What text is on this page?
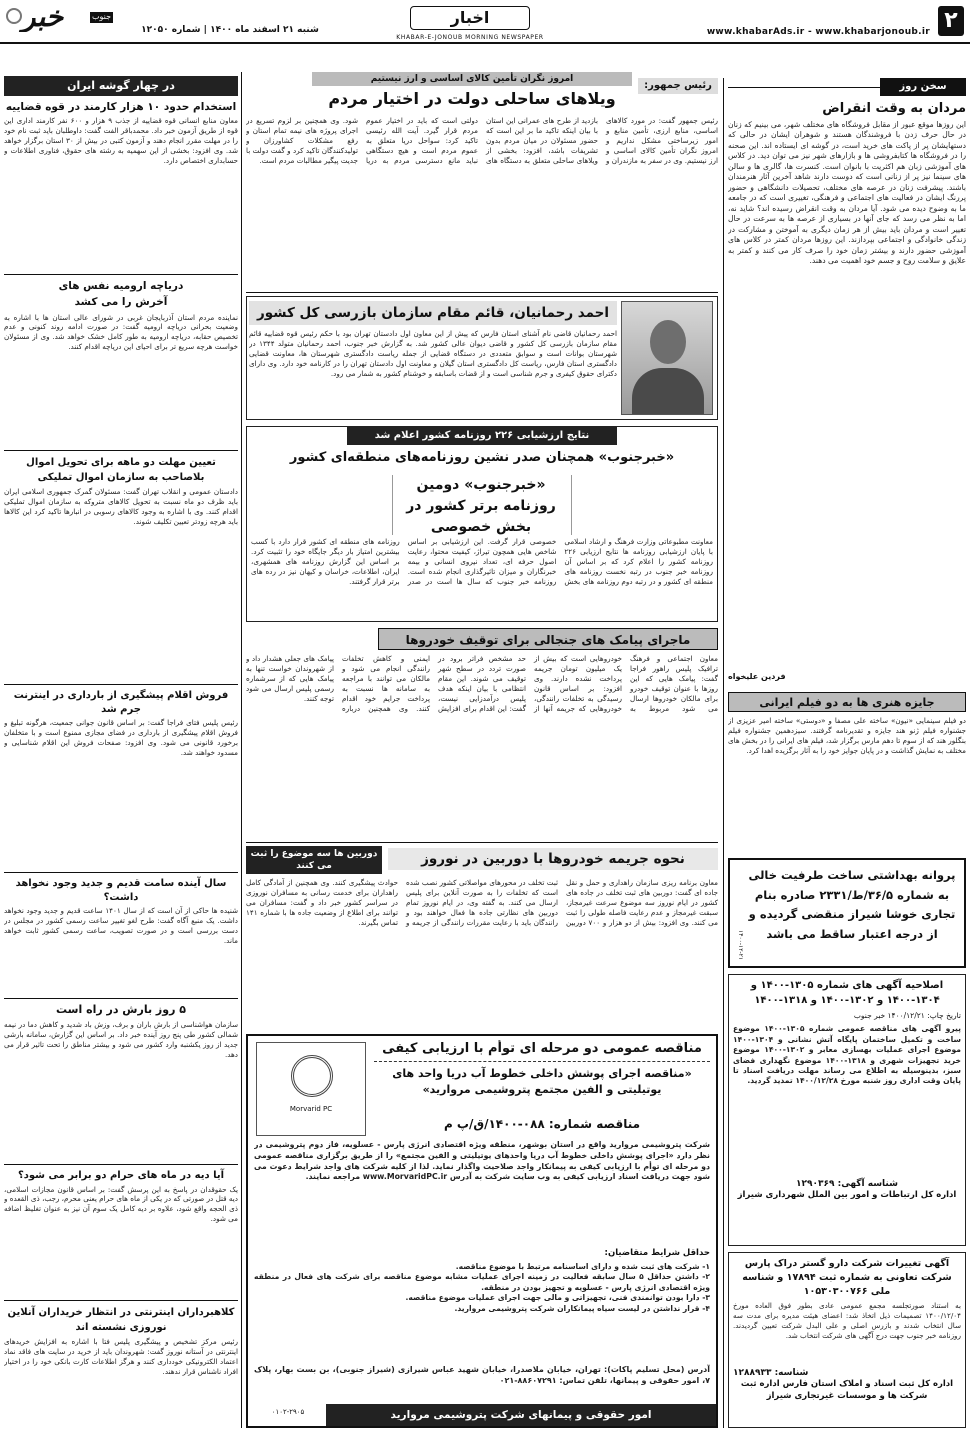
۲
www.khabarAds.ir - www.khabarjonoub.ir
اخبار
KHABAR-E-JONOUB MORNING NEWSPAPER
خبر	جنوب
شنبه ۲۱ اسفند ماه ۱۴۰۰ | شماره ۱۲۰۵۰
سخن روز
مردان به وقت انقراض
این روزها موقع عبور از مقابل فروشگاه های مختلف شهر، می بینیم که زنان در حال حرف زدن با فروشندگان هستند و شوهران ایشان در حالی که دستهایشان پر از پاکت های خرید است، در گوشه ای ایستاده اند. این صحنه را در فروشگاه ها کتابفروشی ها و بازارهای شهر نیز می توان دید. در کلاس های آموزشی زبان هم اکثریت با بانوان است. کنسرت ها، گالری ها و سالن های سینما نیز پر از زنانی است که دوست دارند شاهد آخرین آثار هنرمندان باشند. پیشرفت زنان در عرصه های مختلف، تحصیلات دانشگاهی و حضور پررنگ ایشان در فعالیت های اجتماعی و فرهنگی، تغییری است که در جامعه ما به وضوح دیده می شود. آیا مردان به وقت انقراض رسیده اند؟ شاید نه، اما به نظر می رسد که جای آنها در بسیاری از عرصه ها به سرعت در حال تغییر است و مردان باید بیش از هر زمان دیگری به آموختن و مشارکت در زندگی خانوادگی و اجتماعی بپردازند. این روزها مردان کمتر در کلاس های آموزشی حضور دارند و بیشتر زمان خود را صرف کار می کنند و کمتر به علایق و سلامت روح و جسم خود اهمیت می دهند.
فردین علیخواه
جایزه هنری ها به دو فیلم ایرانی
دو فیلم سینمایی «نیون» ساخته علی مصفا و «دوستی» ساخته امیر عزیزی از جشنواره فیلم ژنو هند جایزه و تقدیرنامه گرفتند. سیزدهمین جشنواره فیلم بنگلور هند که از سوم تا دهم مارس برگزار شد، فیلم های ایرانی را در بخش های مختلف به نمایش گذاشت و در پایان جوایز خود را به آثار برگزیده اهدا کرد.
پروانه بهداشتی ساخت طرفیت خالی به شماره ۳۶/۵/ط/۲۳۳۱ صادره بنام تجاری خوشا شیراز منقضی گردیده و از درجه اعتبار ساقط می باشد
۱۴۰۰-۱۲-۲۱
اصلاحیه آگهی های شماره ۱۳۰۵-۱۴۰۰ و ۱۳۰۴-۱۴۰۰ و ۱۳۰۲-۱۴۰۰ و ۱۳۱۸-۱۴۰۰
تاریخ چاپ: ۱۴۰۰/۱۲/۲۱ خبر جنوب
پیرو آگهی های مناقصه عمومی شماره ۱۳۰۵-۱۴۰۰ موضوع ساخت و تکمیل ساختمان پایگاه آتش نشانی و ۱۳۰۴-۱۴۰۰ موضوع اجرای عملیات بهسازی معابر و ۱۳۰۲-۱۴۰۰ موضوع خرید تجهیزات شهری و ۱۳۱۸-۱۴۰۰ موضوع نگهداری فضای سبز، بدینوسیله به اطلاع می رساند مهلت دریافت اسناد تا پایان وقت اداری روز شنبه مورخ ۱۴۰۰/۱۲/۲۸ تمدید گردید.
شناسه آگهی: ۱۲۹۰۳۶۹
اداره کل ارتباطات و امور بین الملل شهرداری شیراز
آگهی تغییرات شرکت دارو گستر دراک پارس شرکت تعاونی به شماره ثبت ۱۷۸۹۴ و شناسه ملی ۱۰۵۳۰۳۰۰۷۶۶
به استناد صورتجلسه مجمع عمومی عادی بطور فوق العاده مورخ ۱۴۰۰/۱۲/۰۴ تصمیمات ذیل اتخاذ شد: اعضای هیئت مدیره برای مدت سه سال انتخاب شدند و بازرس اصلی و علی البدل شرکت تعیین گردیدند. روزنامه خبر جنوب جهت درج آگهی های شرکت انتخاب شد.
شناسه: ۱۲۸۸۹۳۳
اداره کل ثبت اسناد و املاک استان فارس اداره ثبت شرکت ها و موسسات غیرتجاری شیراز
رئیس جمهور:
امروز نگران تأمین کالای اساسی و ارز نیستیم
ویلاهای ساحلی دولت در اختیار مردم
رئیس جمهور گفت: در مورد کالاهای اساسی، منابع ارزی، تأمین منابع و امور زیرساختی مشکل نداریم و امروز نگران تأمین کالای اساسی و ارز نیستیم. وی در سفر به مازندران و بازدید از طرح های عمرانی این استان با بیان اینکه تاکید ما بر این است که حضور مسئولان در میان مردم بدون تشریفات باشد، افزود: بخشی از ویلاهای ساحلی متعلق به دستگاه های دولتی است که باید در اختیار عموم مردم قرار گیرد. آیت الله رئیسی تاکید کرد: سواحل دریا متعلق به عموم مردم است و هیچ دستگاهی نباید مانع دسترسی مردم به دریا شود. وی همچنین بر لزوم تسریع در اجرای پروژه های نیمه تمام استان و رفع مشکلات کشاورزان و تولیدکنندگان تاکید کرد و گفت دولت با جدیت پیگیر مطالبات مردم است.
احمد رحمانیان، قائم مقام سازمان بازرسی کل کشور
احمد رحمانیان قاضی نام آشنای استان فارس که پیش از این معاون اول دادستان تهران بود با حکم رئیس قوه قضاییه قائم مقام سازمان بازرسی کل کشور و قاضی دیوان عالی کشور شد. به گزارش خبر جنوب، احمد رحمانیان متولد ۱۳۴۴ در شهرستان بوانات است و سوابق متعددی در دستگاه قضایی از جمله ریاست دادگستری شهرستان ها، معاونت قضایی دادگستری استان فارس، ریاست کل دادگستری استان گیلان و معاونت اول دادستان تهران را در کارنامه خود دارد. وی دارای دکترای حقوق کیفری و جرم شناسی است و از قضات باسابقه و خوشنام کشور به شمار می رود.
نتایج ارزشیابی ۲۲۶ روزنامه کشور اعلام شد
«خبرجنوب» همچنان صدر نشین روزنامه‌های منطقه‌ای کشور
«خبرجنوب» دومین روزنامه برتر کشور در بخش خصوصی
معاونت مطبوعاتی وزارت فرهنگ و ارشاد اسلامی با پایان ارزشیابی روزنامه ها نتایج ارزیابی ۲۲۶ روزنامه کشور را اعلام کرد که بر اساس آن روزنامه خبر جنوب در رتبه نخست روزنامه های منطقه ای کشور و در رتبه دوم روزنامه های بخش خصوصی قرار گرفت. این ارزشیابی بر اساس شاخص هایی همچون تیراژ، کیفیت محتوا، رعایت اصول حرفه ای، تعداد نیروی انسانی و بیمه خبرنگاران و میزان تاثیرگذاری انجام شده است. روزنامه خبر جنوب که سال ها است در صدر روزنامه های منطقه ای کشور قرار دارد با کسب بیشترین امتیاز بار دیگر جایگاه خود را تثبیت کرد. بر اساس این گزارش روزنامه های همشهری، ایران، اطلاعات، خراسان و کیهان نیز در رده های برتر قرار گرفتند.
ماجرای پیامک های جنجالی برای توقیف خودروها
معاون اجتماعی و فرهنگ ترافیک پلیس راهور فراجا گفت: پیامک هایی که این روزها با عنوان توقیف خودرو برای مالکان خودروها ارسال می شود مربوط به خودروهایی است که بیش از یک میلیون تومان جریمه پرداخت نشده دارند. وی افزود: بر اساس قانون رسیدگی به تخلفات رانندگی، خودروهایی که جریمه آنها از حد مشخص فراتر برود در صورت تردد در سطح شهر توقیف می شوند. این مقام انتظامی با بیان اینکه هدف پلیس درآمدزایی نیست، گفت: این اقدام برای افزایش ایمنی و کاهش تخلفات رانندگی انجام می شود و مالکان می توانند با مراجعه به سامانه ها نسبت به پرداخت جرایم خود اقدام کنند. وی همچنین درباره پیامک های جعلی هشدار داد و از شهروندان خواست تنها به پیامک هایی که از سرشماره رسمی پلیس ارسال می شود توجه کنند.
نحوه جریمه خودروها با دوربین در نوروز
دوربین ها سه موضوع را ثبت می کنند
معاون برنامه ریزی سازمان راهداری و حمل و نقل جاده ای گفت: دوربین های ثبت تخلف در جاده های کشور در ایام نوروز سه موضوع سرعت غیرمجاز، سبقت غیرمجاز و عدم رعایت فاصله طولی را ثبت می کنند. وی افزود: بیش از دو هزار و ۷۰۰ دوربین ثبت تخلف در محورهای مواصلاتی کشور نصب شده است که تخلفات را به صورت آنلاین برای پلیس ارسال می کنند. به گفته وی، در ایام نوروز تمام دوربین های نظارتی جاده ها فعال خواهند بود و رانندگان باید با رعایت مقررات رانندگی از جریمه و حوادث پیشگیری کنند. وی همچنین از آمادگی کامل راهداران برای خدمت رسانی به مسافران نوروزی در سراسر کشور خبر داد و گفت: مسافران می توانند برای اطلاع از وضعیت جاده ها با شماره ۱۴۱ تماس بگیرند.
مناقصه عمومی دو مرحله ای توأم با ارزیابی کیفی
«مناقصه اجرای پوشش داخلی خطوط آب دریا واحد های یوتیلیتی و الفین مجتمع پتروشیمی مروارید»
مناقصه شماره: ۰۸۸-۱۴۰۰/ق/پ م
Morvarid PC
شرکت پتروشیمی مروارید واقع در استان بوشهر، منطقه ویژه اقتصادی انرژی پارس - عسلویه، فاز دوم پتروشیمی در نظر دارد «اجرای پوشش داخلی خطوط آب دریا واحدهای یوتیلیتی و الفین مجتمع» را از طریق برگزاری مناقصه عمومی دو مرحله ای توأم با ارزیابی کیفی به پیمانکار واجد صلاحیت واگذار نماید. لذا از کلیه شرکت های واجد شرایط دعوت می شود جهت دریافت اسناد ارزیابی کیفی به وب سایت شرکت به آدرس www.MorvaridPC.ir مراجعه نمایند.
حداقل شرایط متقاضیان:
۱- شرکت های ثبت شده و دارای اساسنامه مرتبط با موضوع مناقصه.
۲- داشتن حداقل ۵ سال سابقه فعالیت در زمینه اجرای عملیات مشابه موضوع مناقصه برای شرکت های فعال در منطقه ویژه اقتصادی انرژی پارس - عسلویه و تجهیز بودن در منطقه.
۳- دارا بودن توانمندی فنی، تجهیزاتی و مالی جهت اجرای عملیات موضوع مناقصه.
۴- قرار نداشتن در لیست سیاه پیمانکاران شرکت پتروشیمی مروارید.
آدرس (محل تسلیم پاکات): تهران، خیابان ملاصدرا، خیابان شهید عباس شیرازی (شیراز جنوبی)، بن بست بهار، پلاک ۷، امور حقوقی و پیمانها، تلفن تماس: ۸۸۶۰۷۲۹۱-۰۲۱
امور حقوقی و پیمانهای شرکت پتروشیمی مروارید
۰۱۰۲-۲۹۰۵
در چهار گوشه ایران
استخدام حدود ۱۰ هزار کارمند در قوه قضاییه
معاون منابع انسانی قوه قضاییه از جذب ۹ هزار و ۶۰۰ نفر کارمند اداری این قوه از طریق آزمون خبر داد. محمدباقر الفت گفت: داوطلبان باید ثبت نام خود را در مهلت مقرر انجام دهند و آزمون کتبی در بیش از ۳۰ استان برگزار خواهد شد. وی افزود: بخشی از این سهمیه به رشته های حقوق، فناوری اطلاعات و حسابداری اختصاص دارد.
دریاچه ارومیه نفس های آخرش را می کشد
نماینده مردم استان آذربایجان غربی در شورای عالی استان ها با اشاره به وضعیت بحرانی دریاچه ارومیه گفت: در صورت ادامه روند کنونی و عدم تخصیص حقابه، دریاچه ارومیه به طور کامل خشک خواهد شد. وی از مسئولان خواست هرچه سریع تر برای احیای این دریاچه اقدام کنند.
تعیین مهلت دو ماهه برای تحویل اموال بلاصاحب به سازمان اموال تملیکی
دادستان عمومی و انقلاب تهران گفت: مسئولان گمرک جمهوری اسلامی ایران باید ظرف دو ماه نسبت به تحویل کالاهای متروکه به سازمان اموال تملیکی اقدام کنند. وی با اشاره به وجود کالاهای رسوبی در انبارها تاکید کرد این کالاها باید هرچه زودتر تعیین تکلیف شوند.
فروش اقلام پیشگیری از بارداری در اینترنت جرم شد
رئیس پلیس فتای فراجا گفت: بر اساس قانون جوانی جمعیت، هرگونه تبلیغ و فروش اقلام پیشگیری از بارداری در فضای مجازی ممنوع است و با متخلفان برخورد قانونی می شود. وی افزود: صفحات فروش این اقلام شناسایی و مسدود خواهند شد.
سال آینده سامت قدیم و جدید وجود نخواهد داشت؟
شنیده ها حاکی از آن است که از سال ۱۴۰۱ ساعت قدیم و جدید وجود نخواهد داشت. یک منبع آگاه گفت: طرح لغو تغییر ساعت رسمی کشور در مجلس در دست بررسی است و در صورت تصویب، ساعت رسمی کشور ثابت خواهد ماند.
۵ روز بارش در راه است
سازمان هواشناسی از بارش باران و برف، وزش باد شدید و کاهش دما در نیمه شمالی کشور طی پنج روز آینده خبر داد. بر اساس این گزارش، سامانه بارشی جدید از روز یکشنبه وارد کشور می شود و بیشتر مناطق را تحت تاثیر قرار می دهد.
آیا دیه در ماه های حرام دو برابر می شود؟
یک حقوقدان در پاسخ به این پرسش گفت: بر اساس قانون مجازات اسلامی، دیه قتل در صورتی که در یکی از ماه های حرام یعنی محرم، رجب، ذی القعده و ذی الحجه واقع شود، علاوه بر دیه کامل یک سوم آن نیز به عنوان تغلیظ اضافه می شود.
کلاهبرداران اینترنتی در انتظار خریداران آنلاین نوروزی نشسته اند
رئیس مرکز تشخیص و پیشگیری پلیس فتا با اشاره به افزایش خریدهای اینترنتی در آستانه نوروز گفت: شهروندان باید از خرید در سایت های فاقد نماد اعتماد الکترونیکی خودداری کنند و هرگز اطلاعات کارت بانکی خود را در اختیار افراد ناشناس قرار ندهند.
